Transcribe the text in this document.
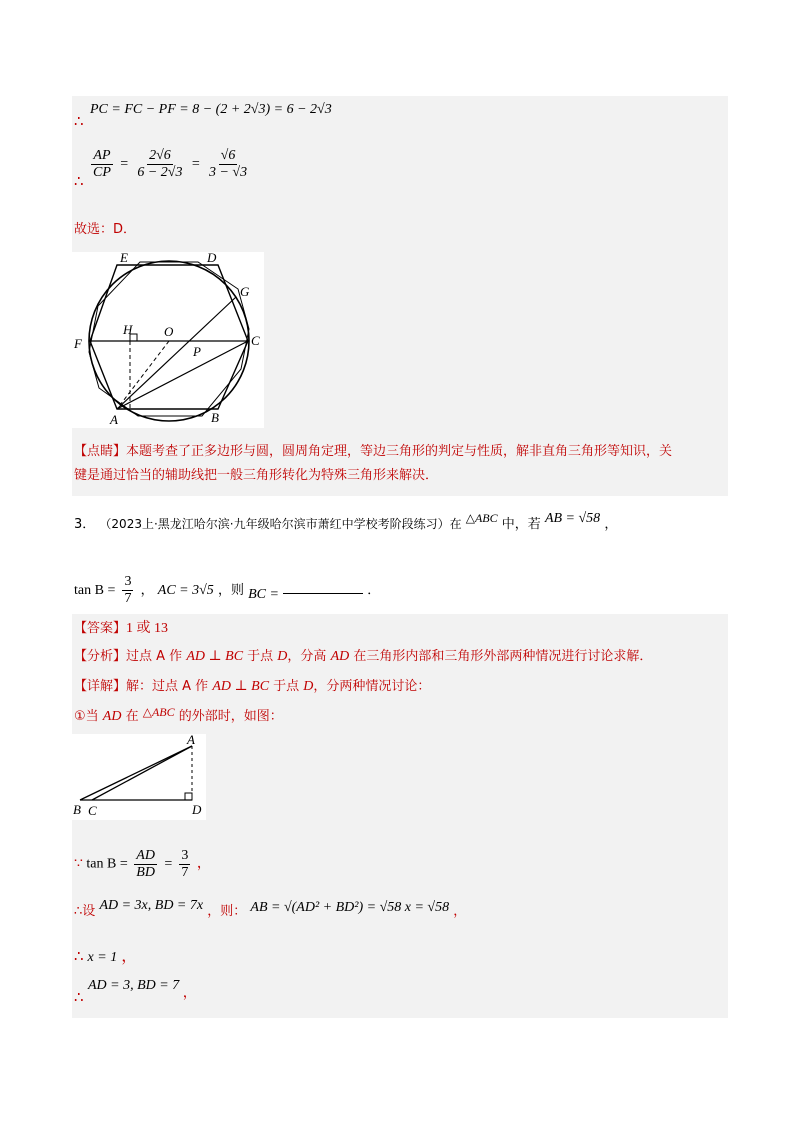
PC = FC − PF = 8 − (2 + 2√3) = 6 − 2√3
∴
$\frac{AP}{CP} = \frac{2√6}{6 - 2√3} = \frac{√6}{3 - √3}$
∴
故选：D．
E	D
G
F
H O
C
P
A	B
【点睛】本题考查了正多边形与圆，圆周角定理，等边三角形的判定与性质，解非直角三角形等知识，关
键是通过恰当的辅助线把一般三角形转化为特殊三角形来解决．
3． （2023上·黑龙江哈尔滨·九年级哈尔滨市萧红中学校考阶段练习）在 △ABC 中，若 AB = √58 ，
$\tan B = \frac{3}{7}$ ， AC = 3√5 ，则 BC =	．
【答案】1 或 13
【分析】过点 A 作 AD ⊥ BC 于点 D，分高 AD 在三角形内部和三角形外部两种情况进行讨论求解．
【详解】解：过点 A 作 AD ⊥ BC 于点 D，分两种情况讨论：
①当 AD 在 △ABC 的外部时，如图：
A
B C	D
∵ $\tan B = \frac{AD}{BD} = \frac{3}{7}$ ，
∴设 AD = 3x, BD = 7x ，则： AB = √(AD² + BD²) = √58 x = √58 ，
∴ x = 1 ，
AD = 3, BD = 7 ，
∴
